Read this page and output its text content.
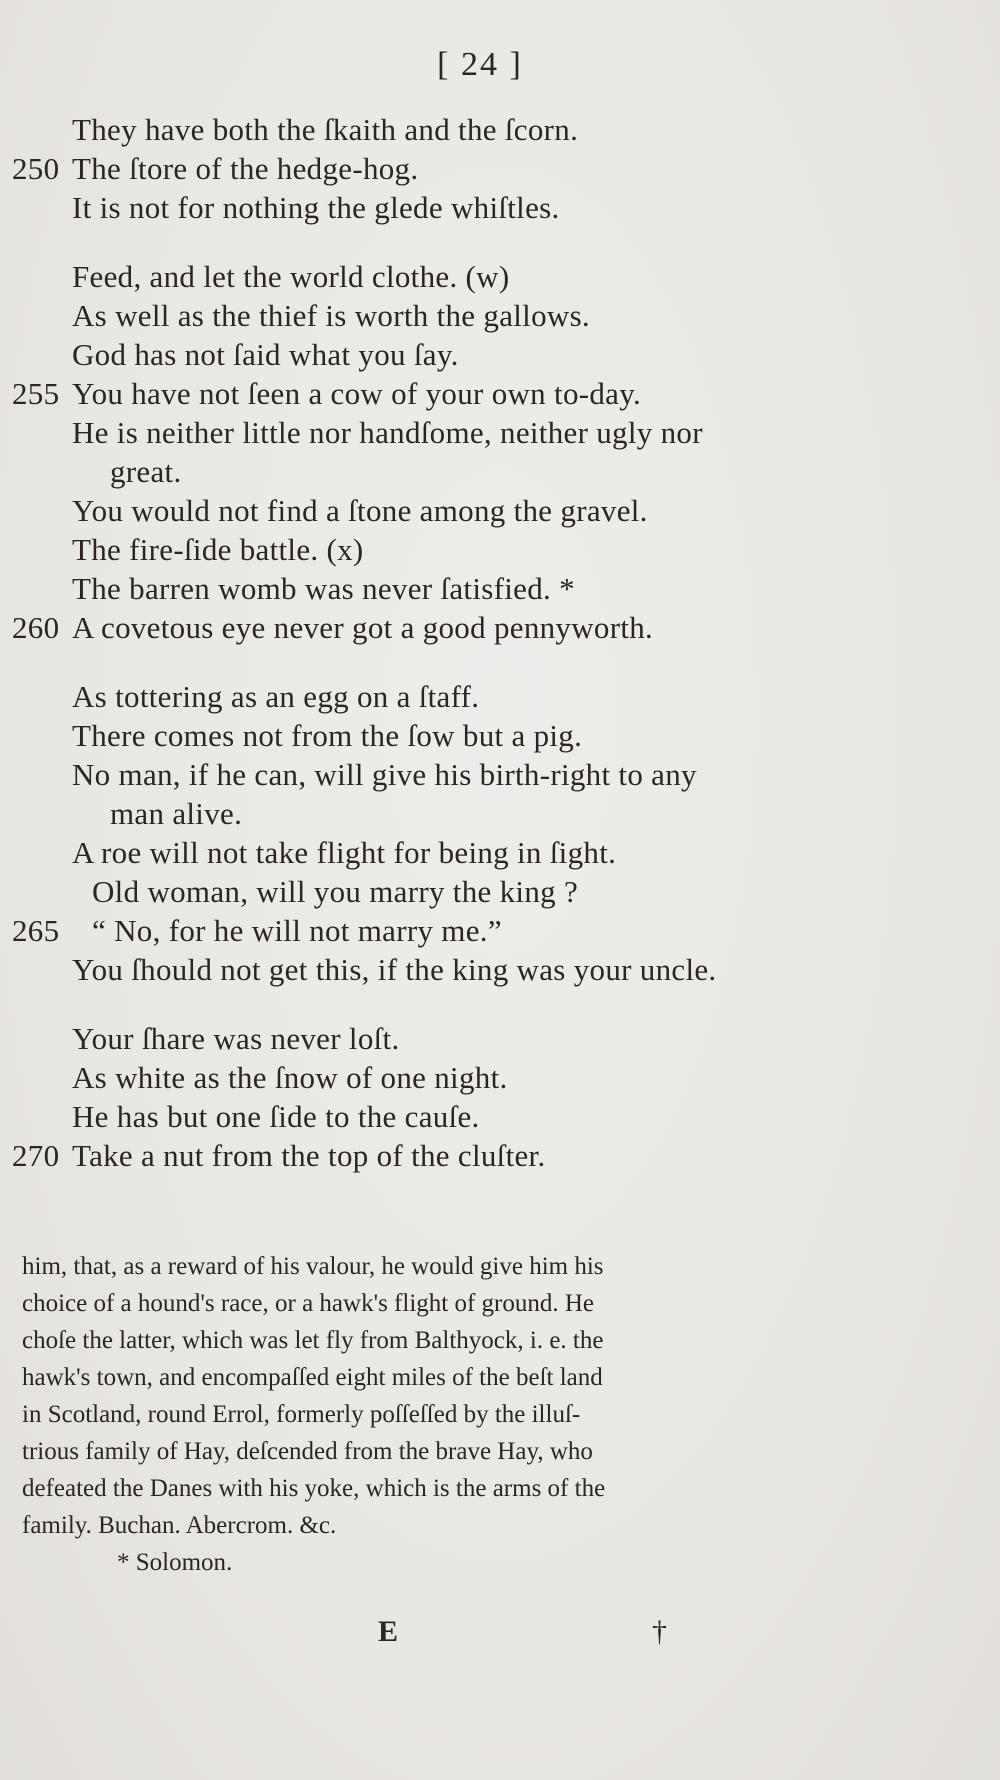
[ 24 ]
They have both the ſkaith and the ſcorn.
250 The ſtore of the hedge-hog.
It is not for nothing the glede whiſtles.
Feed, and let the world clothe. (w)
As well as the thief is worth the gallows.
God has not ſaid what you ſay.
255 You have not ſeen a cow of your own to-day.
He is neither little nor handſome, neither ugly nor
great.
You would not find a ſtone among the gravel.
The fire-ſide battle. (x)
The barren womb was never ſatisfied. *
260 A covetous eye never got a good pennyworth.
As tottering as an egg on a ſtaff.
There comes not from the ſow but a pig.
No man, if he can, will give his birth-right to any
man alive.
A roe will not take flight for being in ſight.
Old woman, will you marry the king ?
265	“ No, for he will not marry me.”
You ſhould not get this, if the king was your uncle.
Your ſhare was never loſt.
As white as the ſnow of one night.
He has but one ſide to the cauſe.
270 Take a nut from the top of the cluſter.
him, that, as a reward of his valour, he would give him his
choice of a hound's race, or a hawk's flight of ground. He
choſe the latter, which was let fly from Balthyock, i. e. the
hawk's town, and encompaſſed eight miles of the beſt land
in Scotland, round Errol, formerly poſſeſſed by the illuſ-
trious family of Hay, deſcended from the brave Hay, who
defeated the Danes with his yoke, which is the arms of the
family. Buchan. Abercrom. &c.
* Solomon.
E	†
